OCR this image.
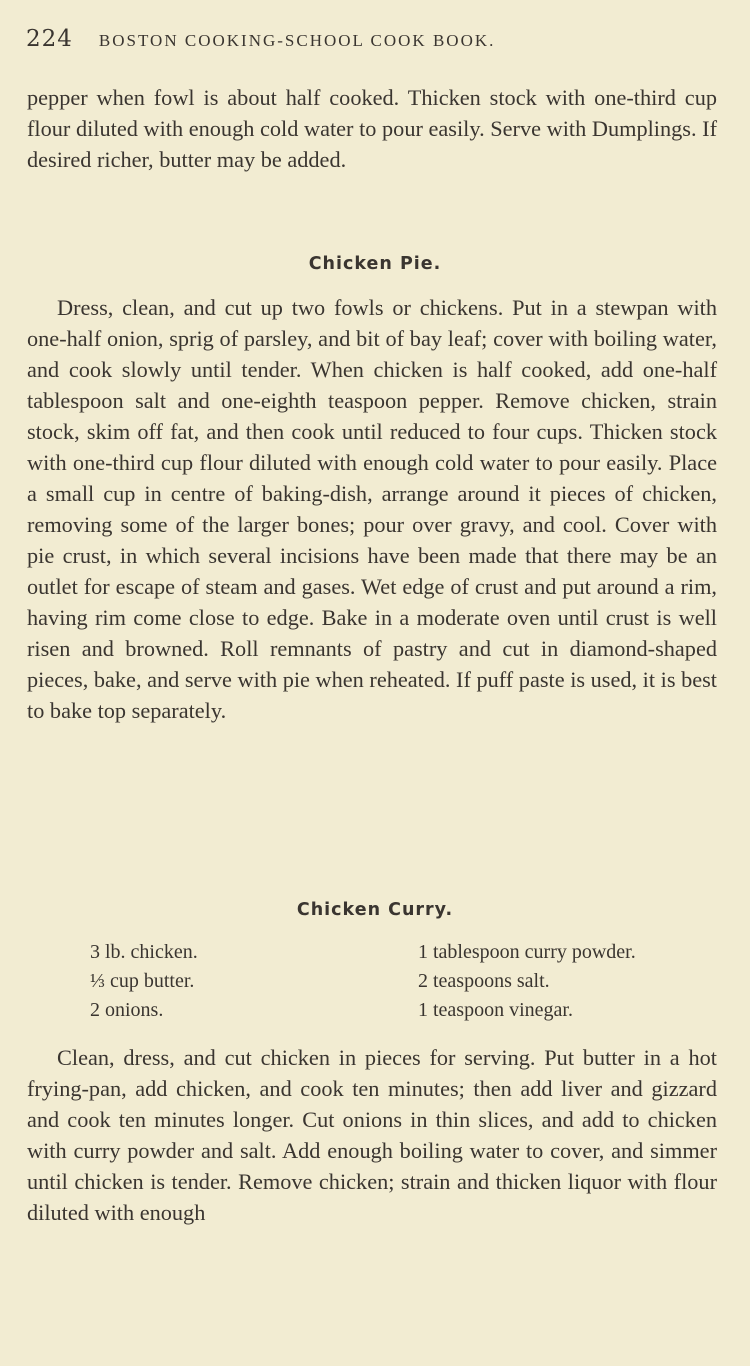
224 BOSTON COOKING-SCHOOL COOK BOOK.

pepper when fowl is about half cooked. Thicken stock with one-third cup flour diluted with enough cold water to pour easily. Serve with Dumplings. If desired richer, butter may be added.

Chicken Pie.

Dress, clean, and cut up two fowls or chickens. Put in a stewpan with one-half onion, sprig of parsley, and bit of bay leaf; cover with boiling water, and cook slowly until tender. When chicken is half cooked, add one-half tablespoon salt and one-eighth teaspoon pepper. Remove chicken, strain stock, skim off fat, and then cook until reduced to four cups. Thicken stock with one-third cup flour diluted with enough cold water to pour easily. Place a small cup in centre of baking-dish, arrange around it pieces of chicken, removing some of the larger bones; pour over gravy, and cool. Cover with pie crust, in which several incisions have been made that there may be an outlet for escape of steam and gases. Wet edge of crust and put around a rim, having rim come close to edge. Bake in a moderate oven until crust is well risen and browned. Roll remnants of pastry and cut in diamond-shaped pieces, bake, and serve with pie when reheated. If puff paste is used, it is best to bake top separately.

Chicken Curry.
3 lb. chicken.
⅓ cup butter.
2 onions.
1 tablespoon curry powder.
2 teaspoons salt.
1 teaspoon vinegar.

Clean, dress, and cut chicken in pieces for serving. Put butter in a hot frying-pan, add chicken, and cook ten minutes; then add liver and gizzard and cook ten minutes longer. Cut onions in thin slices, and add to chicken with curry powder and salt. Add enough boiling water to cover, and simmer until chicken is tender. Remove chicken; strain and thicken liquor with flour diluted with enough
